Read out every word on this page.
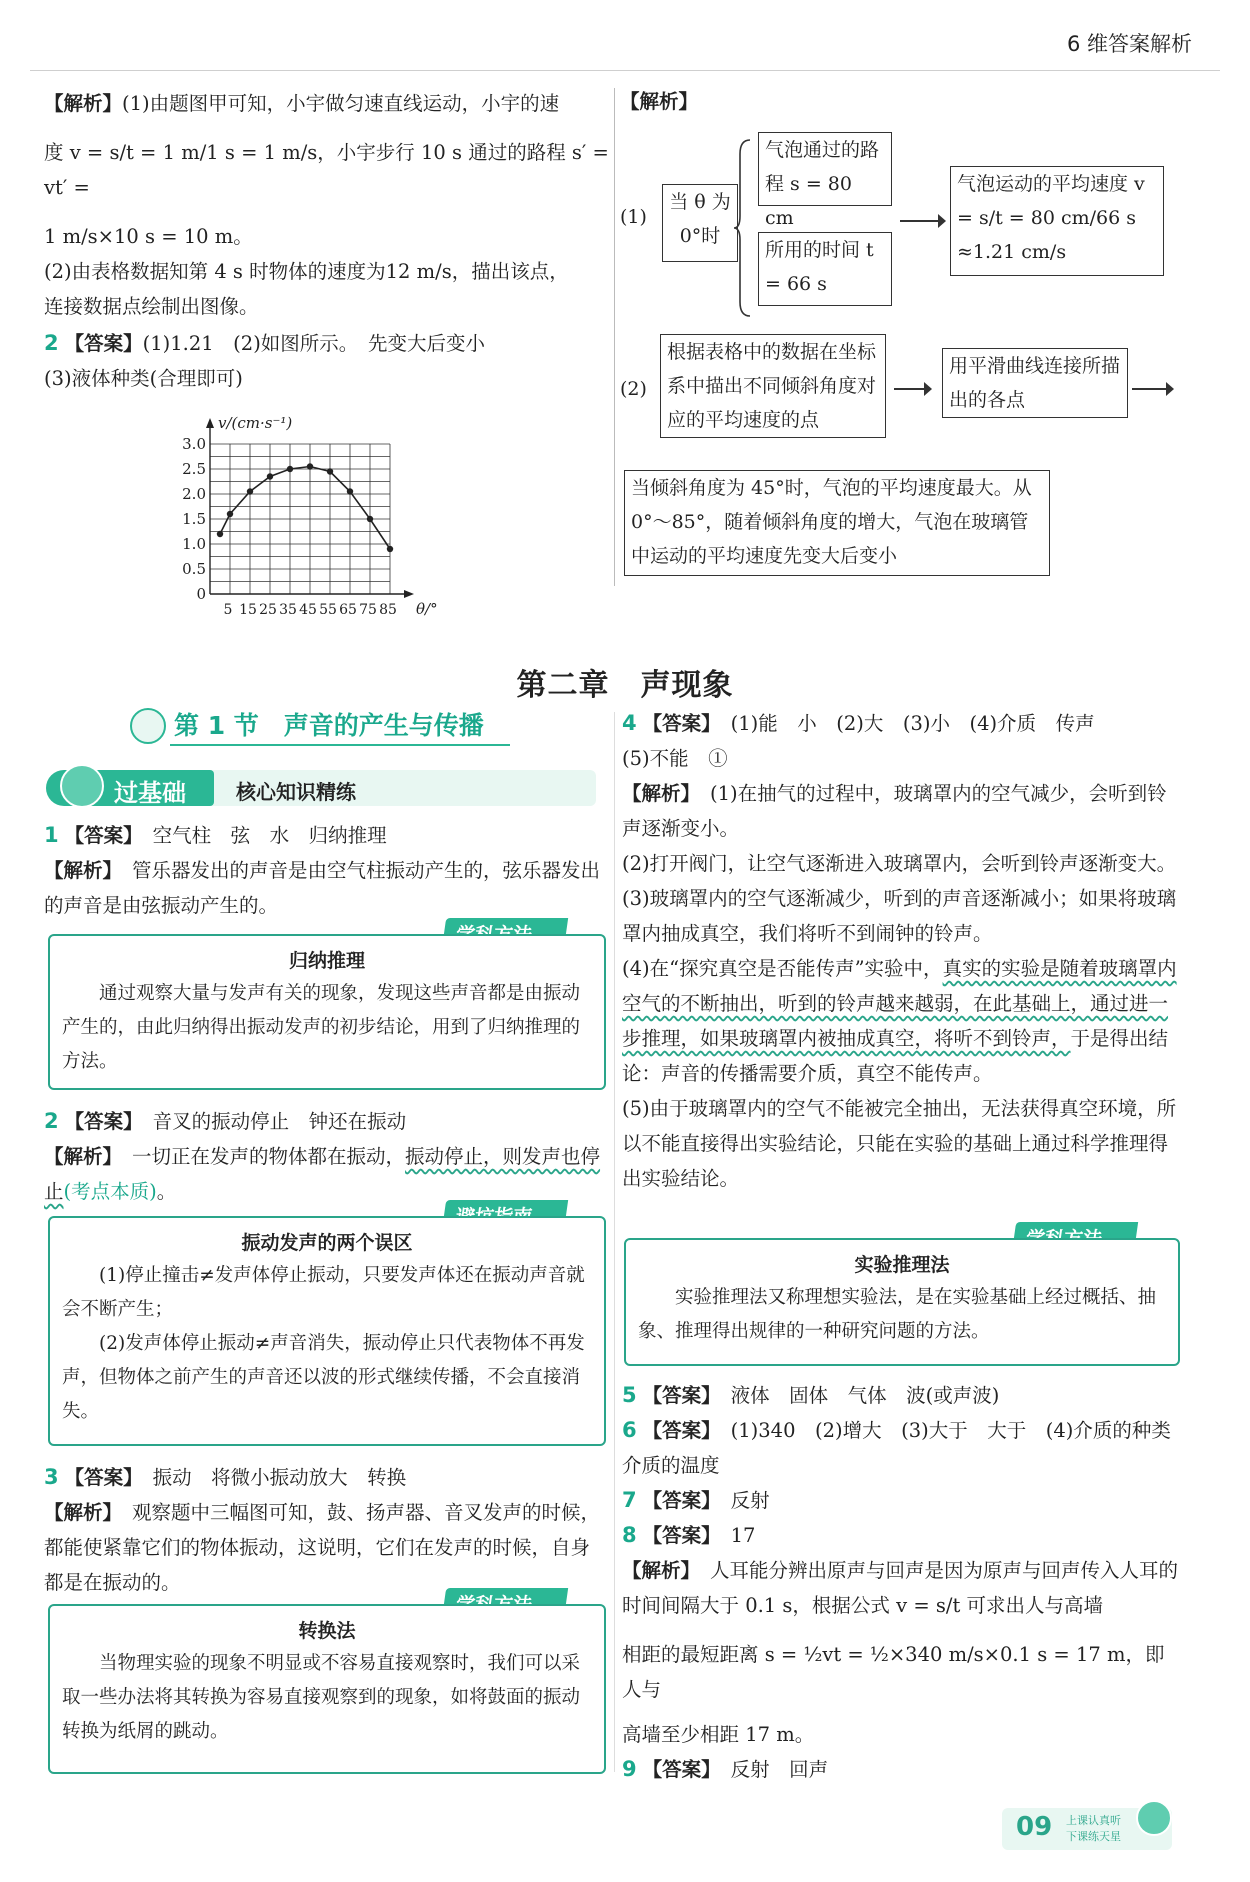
6 维答案解析

【解析】(1)由题图甲可知，小宇做匀速直线运动，小宇的速

度 v = s/t = 1 m/1 s = 1 m/s，小宇步行 10 s 通过的路程 s′ = vt′ =

1 m/s×10 s = 10 m。

(2)由表格数据知第 4 s 时物体的速度为12 m/s，描出该点，

连接数据点绘制出图像。

2 【答案】(1)1.21　(2)如图所示。　先变大后变小

(3)液体种类(合理即可)

0
0.5
1.0
1.5
2.0
2.5
3.0
5 15 25 35 45 55 65 75 85
v/(cm·s⁻¹)
θ/°
【解析】
(1)
当 θ 为 0°时
气泡通过的路程 s = 80 cm
所用的时间 t = 66 s
气泡运动的平均速度 v = s/t = 80 cm/66 s ≈1.21 cm/s
(2)
根据表格中的数据在坐标系中描出不同倾斜角度对应的平均速度的点
用平滑曲线连接所描出的各点
当倾斜角度为 45°时，气泡的平均速度最大。从 0°～85°，随着倾斜角度的增大，气泡在玻璃管中运动的平均速度先变大后变小
第二章　声现象
第 1 节　声音的产生与传播
过基础	核心知识精练

1 【答案】 空气柱　弦　水　归纳推理

【解析】 管乐器发出的声音是由空气柱振动产生的，弦乐器发出的声音是由弦振动产生的。

归纳推理
通过观察大量与发声有关的现象，发现这些声音都是由振动产生的，由此归纳得出振动发声的初步结论，用到了归纳推理的方法。

2 【答案】 音叉的振动停止　钟还在振动

【解析】 一切正在发声的物体都在振动，振动停止，则发声也停止(考点本质)。

振动发声的两个误区
(1)停止撞击≠发声体停止振动，只要发声体还在振动声音就会不断产生；
(2)发声体停止振动≠声音消失，振动停止只代表物体不再发声，但物体之前产生的声音还以波的形式继续传播，不会直接消失。

3 【答案】 振动　将微小振动放大　转换

【解析】 观察题中三幅图可知，鼓、扬声器、音叉发声的时候，都能使紧靠它们的物体振动，这说明，它们在发声的时候，自身都是在振动的。

转换法
当物理实验的现象不明显或不容易直接观察时，我们可以采取一些办法将其转换为容易直接观察到的现象，如将鼓面的振动转换为纸屑的跳动。

4 【答案】 (1)能　小　(2)大　(3)小　(4)介质　传声

(5)不能　①

【解析】 (1)在抽气的过程中，玻璃罩内的空气减少，会听到铃声逐渐变小。

(2)打开阀门，让空气逐渐进入玻璃罩内，会听到铃声逐渐变大。

(3)玻璃罩内的空气逐渐减少，听到的声音逐渐减小；如果将玻璃罩内抽成真空，我们将听不到闹钟的铃声。

(4)在“探究真空是否能传声”实验中，真实的实验是随着玻璃罩内空气的不断抽出，听到的铃声越来越弱，在此基础上，通过进一步推理，如果玻璃罩内被抽成真空，将听不到铃声，于是得出结论：声音的传播需要介质，真空不能传声。

(5)由于玻璃罩内的空气不能被完全抽出，无法获得真空环境，所以不能直接得出实验结论，只能在实验的基础上通过科学推理得出实验结论。

实验推理法
实验推理法又称理想实验法，是在实验基础上经过概括、抽象、推理得出规律的一种研究问题的方法。

5 【答案】 液体　固体　气体　波(或声波)

6 【答案】 (1)340　(2)增大　(3)大于　大于　(4)介质的种类　介质的温度

7 【答案】 反射

8 【答案】 17

【解析】 人耳能分辨出原声与回声是因为原声与回声传入人耳的时间间隔大于 0.1 s，根据公式 v = s/t 可求出人与高墙

相距的最短距离 s = ½vt = ½×340 m/s×0.1 s = 17 m，即人与

高墙至少相距 17 m。

9 【答案】 反射　回声

09 上课认真听
下课练天星
